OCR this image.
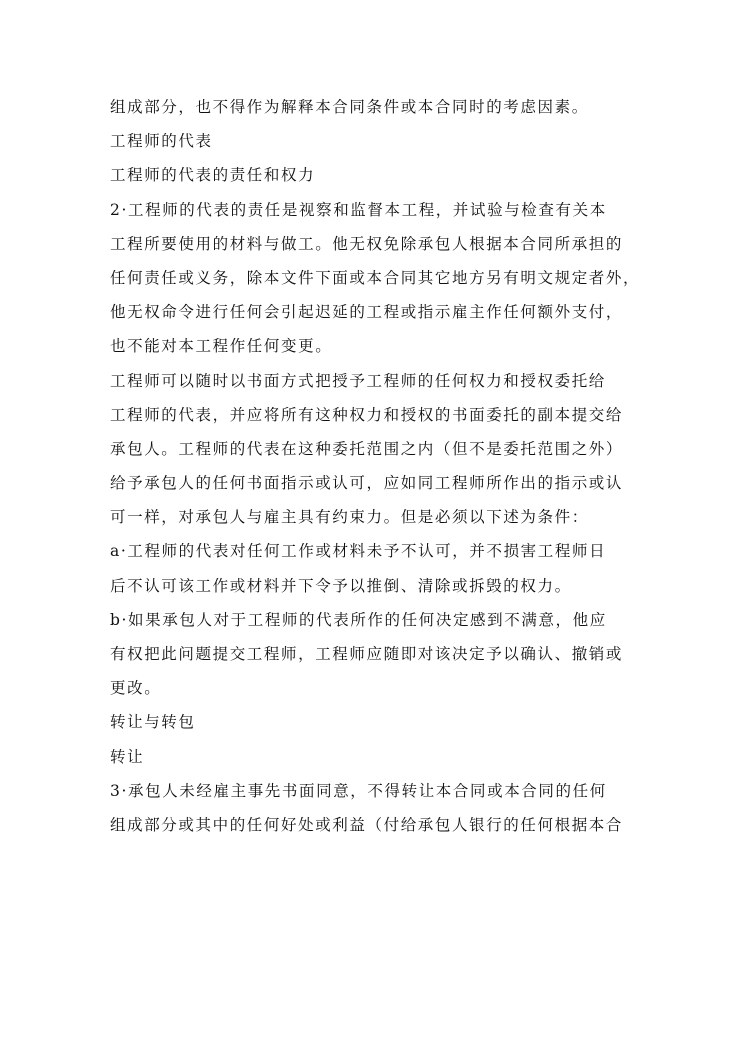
组成部分，也不得作为解释本合同条件或本合同时的考虑因素。
工程师的代表
工程师的代表的责任和权力
2·工程师的代表的责任是视察和监督本工程，并试验与检查有关本
工程所要使用的材料与做工。他无权免除承包人根据本合同所承担的
任何责任或义务，除本文件下面或本合同其它地方另有明文规定者外，
他无权命令进行任何会引起迟延的工程或指示雇主作任何额外支付，
也不能对本工程作任何变更。
工程师可以随时以书面方式把授予工程师的任何权力和授权委托给
工程师的代表，并应将所有这种权力和授权的书面委托的副本提交给
承包人。工程师的代表在这种委托范围之内（但不是委托范围之外）
给予承包人的任何书面指示或认可，应如同工程师所作出的指示或认
可一样，对承包人与雇主具有约束力。但是必须以下述为条件：
a·工程师的代表对任何工作或材料未予不认可，并不损害工程师日
后不认可该工作或材料并下令予以推倒、清除或拆毁的权力。
b·如果承包人对于工程师的代表所作的任何决定感到不满意，他应
有权把此问题提交工程师，工程师应随即对该决定予以确认、撤销或
更改。
转让与转包
转让
3·承包人未经雇主事先书面同意，不得转让本合同或本合同的任何
组成部分或其中的任何好处或利益（付给承包人银行的任何根据本合
